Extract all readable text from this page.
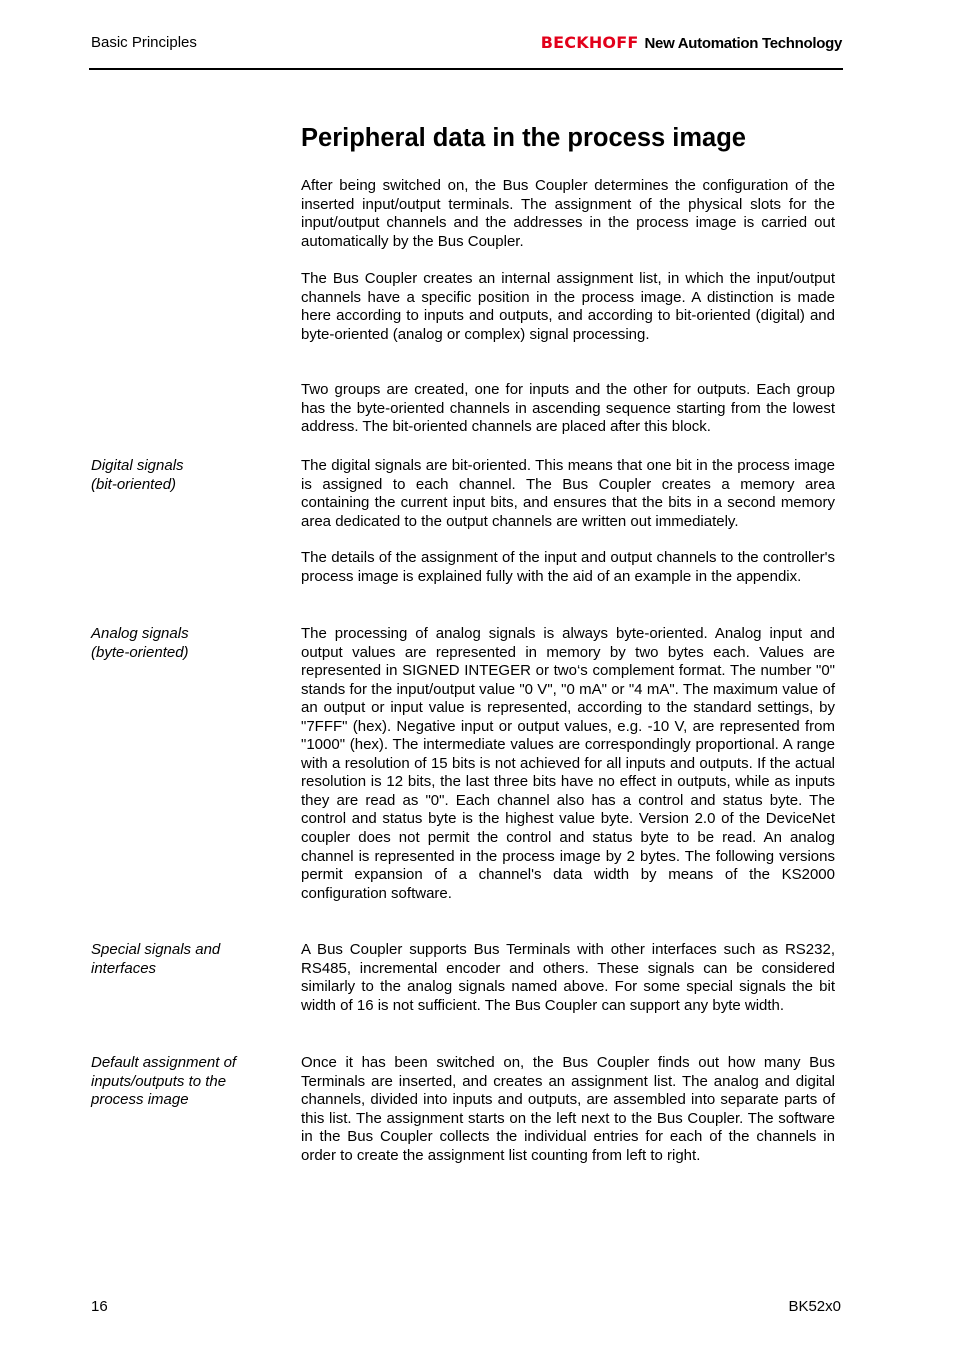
Basic Principles	BECKHOFF New Automation Technology
Peripheral data in the process image

After being switched on, the Bus Coupler determines the configuration of the inserted input/output terminals. The assignment of the physical slots for the input/output channels and the addresses in the process image is carried out automatically by the Bus Coupler.

The Bus Coupler creates an internal assignment list, in which the input/output channels have a specific position in the process image. A distinction is made here according to inputs and outputs, and according to bit-oriented (digital) and byte-oriented (analog or complex) signal processing.

Two groups are created, one for inputs and the other for outputs. Each group has the byte-oriented channels in ascending sequence starting from the lowest address. The bit-oriented channels are placed after this block.

Digital signals
(bit-oriented)

The digital signals are bit-oriented. This means that one bit in the process image is assigned to each channel. The Bus Coupler creates a memory area containing the current input bits, and ensures that the bits in a second memory area dedicated to the output channels are written out immediately.

The details of the assignment of the input and output channels to the controller's process image is explained fully with the aid of an example in the appendix.

Analog signals
(byte-oriented)

The processing of analog signals is always byte-oriented. Analog input and output values are represented in memory by two bytes each. Values are represented in SIGNED INTEGER or two‘s complement format. The number "0" stands for the input/output value "0 V", "0 mA" or "4 mA". The maximum value of an output or input value is represented, according to the standard settings, by "7FFF" (hex). Negative input or output values, e.g. -10 V, are represented from "1000" (hex). The intermediate values are correspondingly proportional. A range with a resolution of 15 bits is not achieved for all inputs and outputs. If the actual resolution is 12 bits, the last three bits have no effect in outputs, while as inputs they are read as "0". Each channel also has a control and status byte. The control and status byte is the highest value byte. Version 2.0 of the DeviceNet coupler does not permit the control and status byte to be read. An analog channel is represented in the process image by 2 bytes. The following versions permit expansion of a channel's data width by means of the KS2000 configuration software.

Special signals and
interfaces

A Bus Coupler supports Bus Terminals with other interfaces such as RS232, RS485, incremental encoder and others. These signals can be considered similarly to the analog signals named above. For some special signals the bit width of 16 is not sufficient. The Bus Coupler can support any byte width.

Default assignment of
inputs/outputs to the
process image

Once it has been switched on, the Bus Coupler finds out how many Bus Terminals are inserted, and creates an assignment list. The analog and digital channels, divided into inputs and outputs, are assembled into separate parts of this list. The assignment starts on the left next to the Bus Coupler. The software in the Bus Coupler collects the individual entries for each of the channels in order to create the assignment list counting from left to right.

16	BK52x0
